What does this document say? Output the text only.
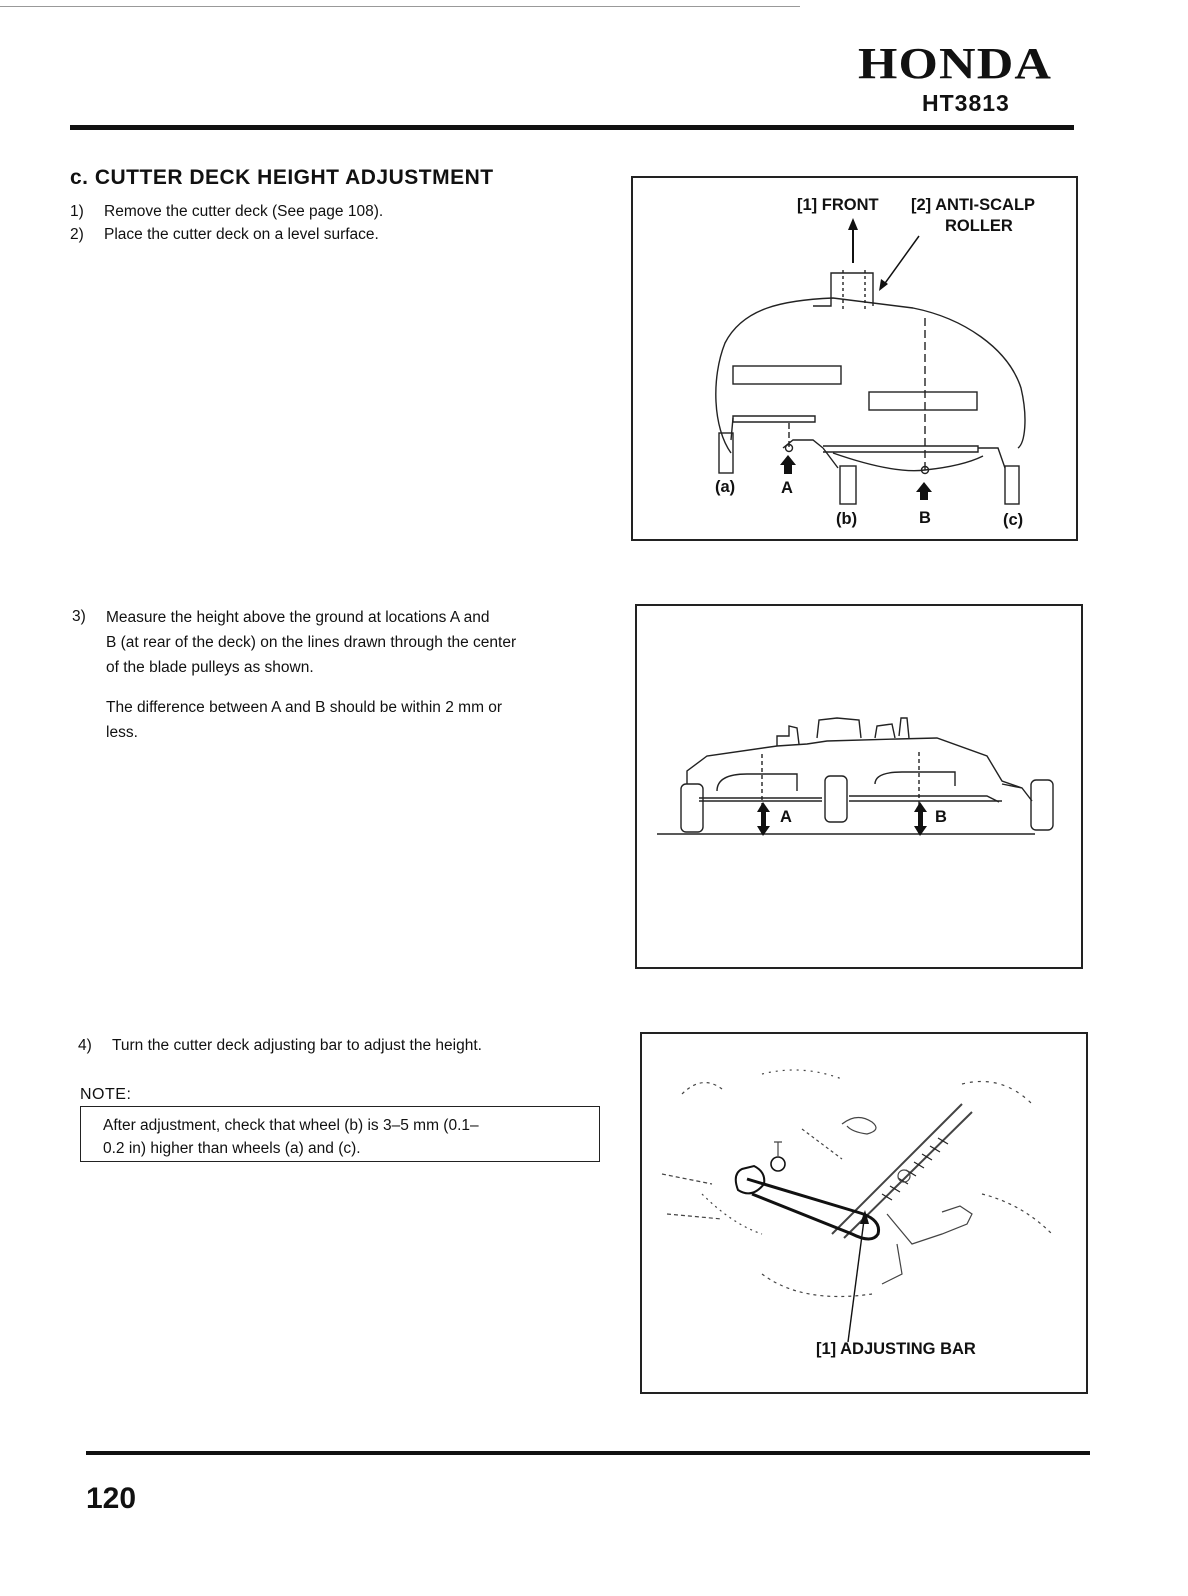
HONDA
HT3813
c. CUTTER DECK HEIGHT ADJUSTMENT
1) Remove the cutter deck (See page 108).
2) Place the cutter deck on a level surface.
[1] FRONT [2] ANTI-SCALP
ROLLER
(a)	A
(b)	B	(c)
3) Measure the height above the ground at locations A and
B (at rear of the deck) on the lines drawn through the center
of the blade pulleys as shown.
The difference between A and B should be within 2 mm or
less.
A	B
4) Turn the cutter deck adjusting bar to adjust the height.
NOTE:
After adjustment, check that wheel (b) is 3–5 mm (0.1–
0.2 in) higher than wheels (a) and (c).
[1] ADJUSTING BAR
120
